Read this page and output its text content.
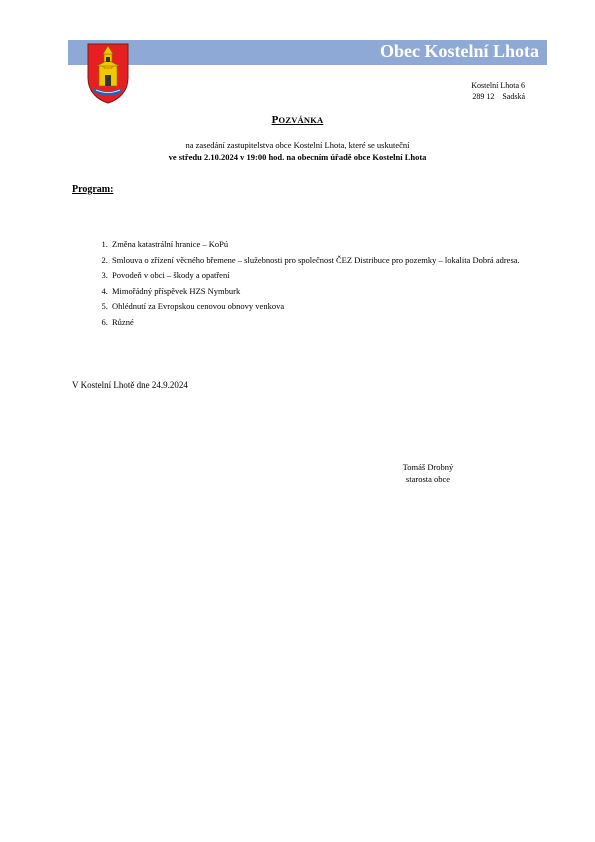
Obec Kostelní Lhota
Kostelní Lhota 6
289 12    Sadská
POZVÁNKA
na zasedání zastupitelstva obce Kostelní Lhota, které se uskuteční
ve středu 2.10.2024 v 19:00 hod. na obecním úřadě obce Kostelní Lhota
Program:
1. Změna katastrální hranice – KoPú
2. Smlouva o zřízení věcného břemene – služebnosti pro společnost ČEZ Distribuce pro pozemky – lokalita Dobrá adresa.
3. Povodeň v obci – škody a opatření
4. Mimořádný příspěvek HZS Nymburk
5. Ohlédnutí za Evropskou cenovou obnovy venkova
6. Různé
V Kostelní Lhotě dne 24.9.2024
Tomáš Drobný
starosta obce
